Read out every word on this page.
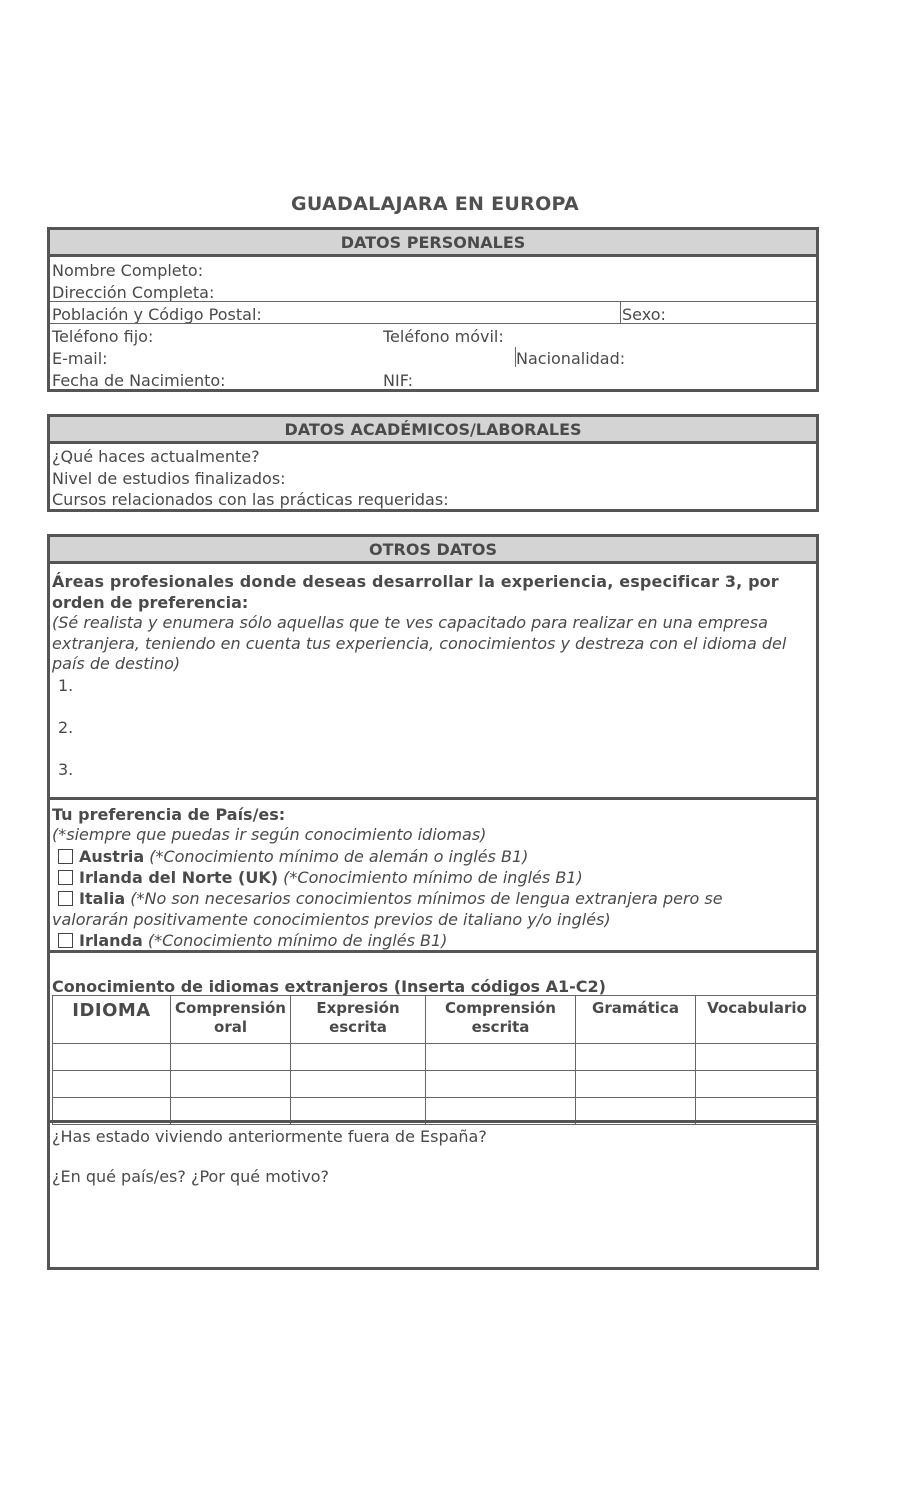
GUADALAJARA EN EUROPA
DATOS PERSONALES
Nombre Completo:
Dirección Completa:
Población y Código Postal:	Sexo:
Teléfono fijo:	Teléfono móvil:
E-mail:	Nacionalidad:
Fecha de Nacimiento:	NIF:
DATOS ACADÉMICOS/LABORALES
¿Qué haces actualmente?
Nivel de estudios finalizados:
Cursos relacionados con las prácticas requeridas:
OTROS DATOS
Áreas profesionales donde deseas desarrollar la experiencia, especificar 3, por
orden de preferencia:
(Sé realista y enumera sólo aquellas que te ves capacitado para realizar en una empresa
extranjera, teniendo en cuenta tus experiencia, conocimientos y destreza con el idioma del
país de destino)
1.
2.
3.
Tu preferencia de País/es:
(*siempre que puedas ir según conocimiento idiomas)
Austria (*Conocimiento mínimo de alemán o inglés B1)
Irlanda del Norte (UK) (*Conocimiento mínimo de inglés B1)
Italia (*No son necesarios conocimientos mínimos de lengua extranjera pero se
valorarán positivamente conocimientos previos de italiano y/o inglés)
Irlanda (*Conocimiento mínimo de inglés B1)
Conocimiento de idiomas extranjeros (Inserta códigos A1-C2)
IDIOMA	Comprensión oral	Expresión escrita	Comprensión escrita	Gramática	Vocabulario

¿Has estado viviendo anteriormente fuera de España?
¿En qué país/es? ¿Por qué motivo?
